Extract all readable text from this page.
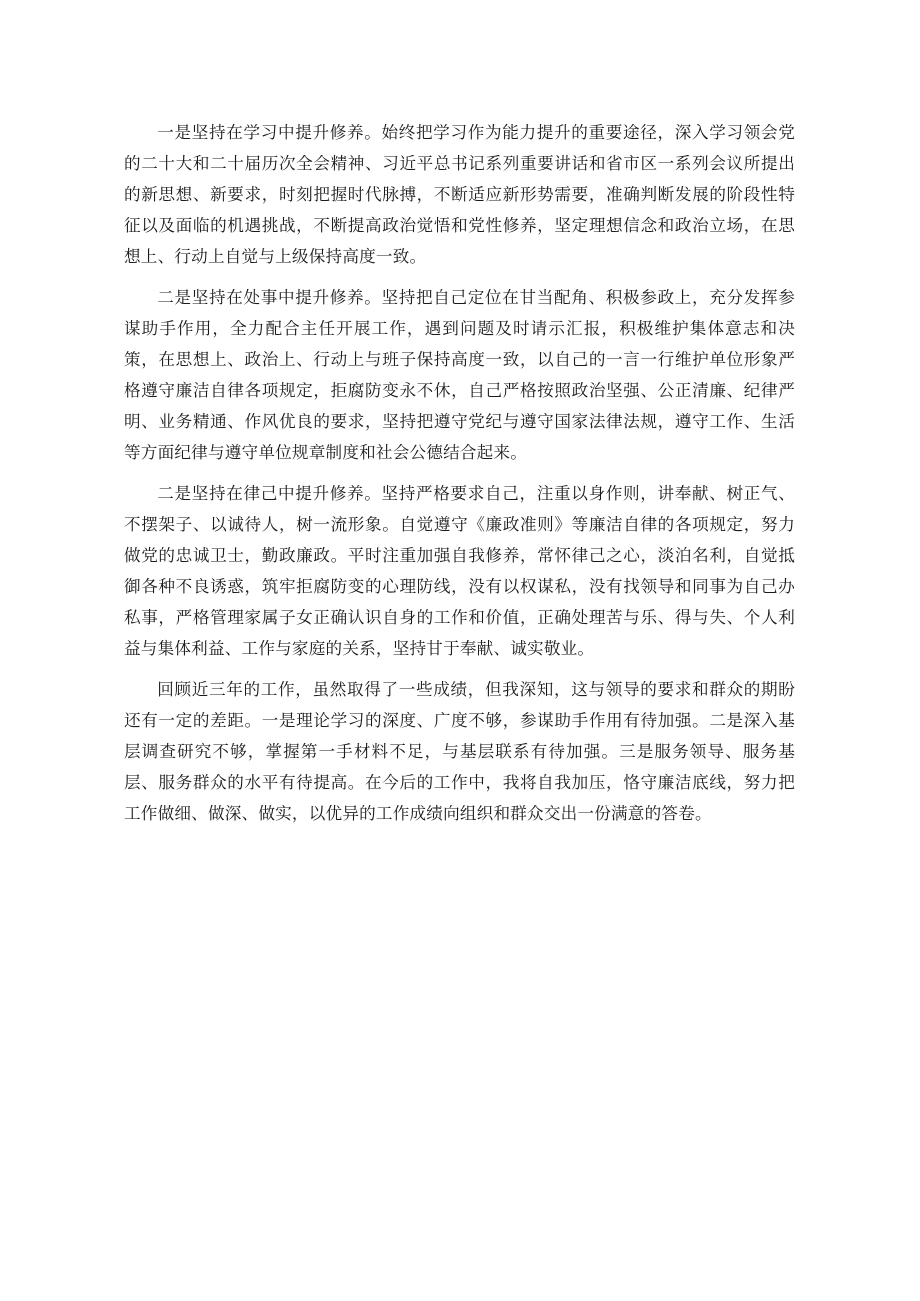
一是坚持在学习中提升修养。始终把学习作为能力提升的重要途径，深入学习领会党的二十大和二十届历次全会精神、习近平总书记系列重要讲话和省市区一系列会议所提出的新思想、新要求，时刻把握时代脉搏，不断适应新形势需要，准确判断发展的阶段性特征以及面临的机遇挑战，不断提高政治觉悟和党性修养，坚定理想信念和政治立场，在思想上、行动上自觉与上级保持高度一致。

二是坚持在处事中提升修养。坚持把自己定位在甘当配角、积极参政上，充分发挥参谋助手作用，全力配合主任开展工作，遇到问题及时请示汇报，积极维护集体意志和决策，在思想上、政治上、行动上与班子保持高度一致，以自己的一言一行维护单位形象严格遵守廉洁自律各项规定，拒腐防变永不休，自己严格按照政治坚强、公正清廉、纪律严明、业务精通、作风优良的要求，坚持把遵守党纪与遵守国家法律法规，遵守工作、生活等方面纪律与遵守单位规章制度和社会公德结合起来。

二是坚持在律己中提升修养。坚持严格要求自己，注重以身作则，讲奉献、树正气、不摆架子、以诚待人，树一流形象。自觉遵守《廉政准则》等廉洁自律的各项规定，努力做党的忠诚卫士，勤政廉政。平时注重加强自我修养，常怀律己之心，淡泊名利，自觉抵御各种不良诱惑，筑牢拒腐防变的心理防线，没有以权谋私，没有找领导和同事为自己办私事，严格管理家属子女正确认识自身的工作和价值，正确处理苦与乐、得与失、个人利益与集体利益、工作与家庭的关系，坚持甘于奉献、诚实敬业。

回顾近三年的工作，虽然取得了一些成绩，但我深知，这与领导的要求和群众的期盼还有一定的差距。一是理论学习的深度、广度不够，参谋助手作用有待加强。二是深入基层调查研究不够，掌握第一手材料不足，与基层联系有待加强。三是服务领导、服务基层、服务群众的水平有待提高。在今后的工作中，我将自我加压，恪守廉洁底线，努力把工作做细、做深、做实，以优异的工作成绩向组织和群众交出一份满意的答卷。
